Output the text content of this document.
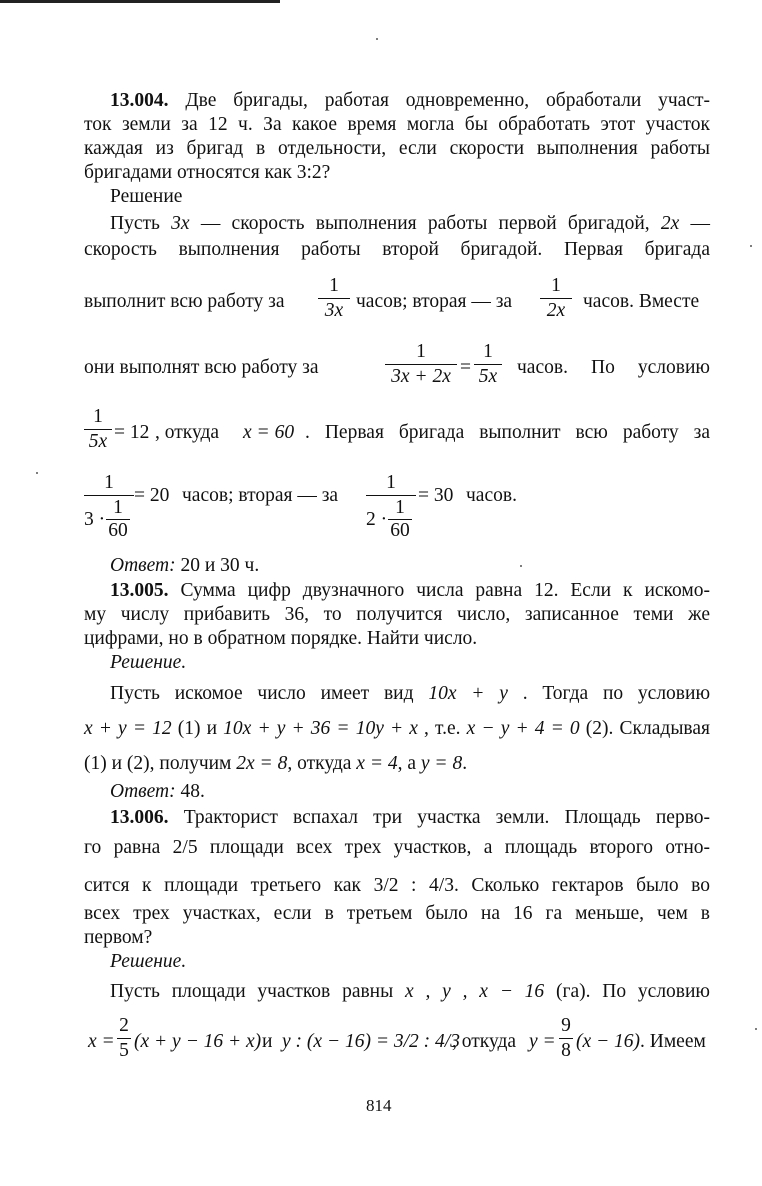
13.004. Две бригады, работая одновременно, обработали участ-
ток земли за 12 ч. За какое время могла бы обработать этот участок
каждая из бригад в отдельности, если скорости выполнения работы
бригадами относятся как 3:2?
Решение
Пусть 3x — скорость выполнения работы первой бригадой, 2x —
скорость выполнения работы второй бригадой. Первая бригада
выполнит всю работу за
1
3x часов; вторая — за
1
2x часов. Вместе
они выполнят всю работу за
1
3x + 2x =
1
5x часов. По условию
1
5x = 12 , откуда x = 60 . Первая бригада выполнит всю работу за
1
3 ·
1
60
= 20 часов; вторая — за
1
2 ·
1
60
= 30 часов.
Ответ: 20 и 30 ч.
13.005. Сумма цифр двузначного числа равна 12. Если к искомо-
му числу прибавить 36, то получится число, записанное теми же
цифрами, но в обратном порядке. Найти число.
Решение.
Пусть искомое число имеет вид 10x + y . Тогда по условию
x + y = 12 (1) и 10x + y + 36 = 10y + x , т.е. x − y + 4 = 0 (2). Складывая
(1) и (2), получим 2x = 8, откуда x = 4, а y = 8.
Ответ: 48.
13.006. Тракторист вспахал три участка земли. Площадь перво-
го равна 2/5 площади всех трех участков, а площадь второго отно-
сится к площади третьего как 3/2 : 4/3. Сколько гектаров было во
всех трех участках, если в третьем было на 16 га меньше, чем в
первом?
Решение.
Пусть площади участков равны x , y , x − 16 (га). По условию
x =
2
5 (x + y − 16 + x) и y : (x − 16) = 3/2 : 4/3
, откуда y =
9
8 (x − 16) . Имеем
814
